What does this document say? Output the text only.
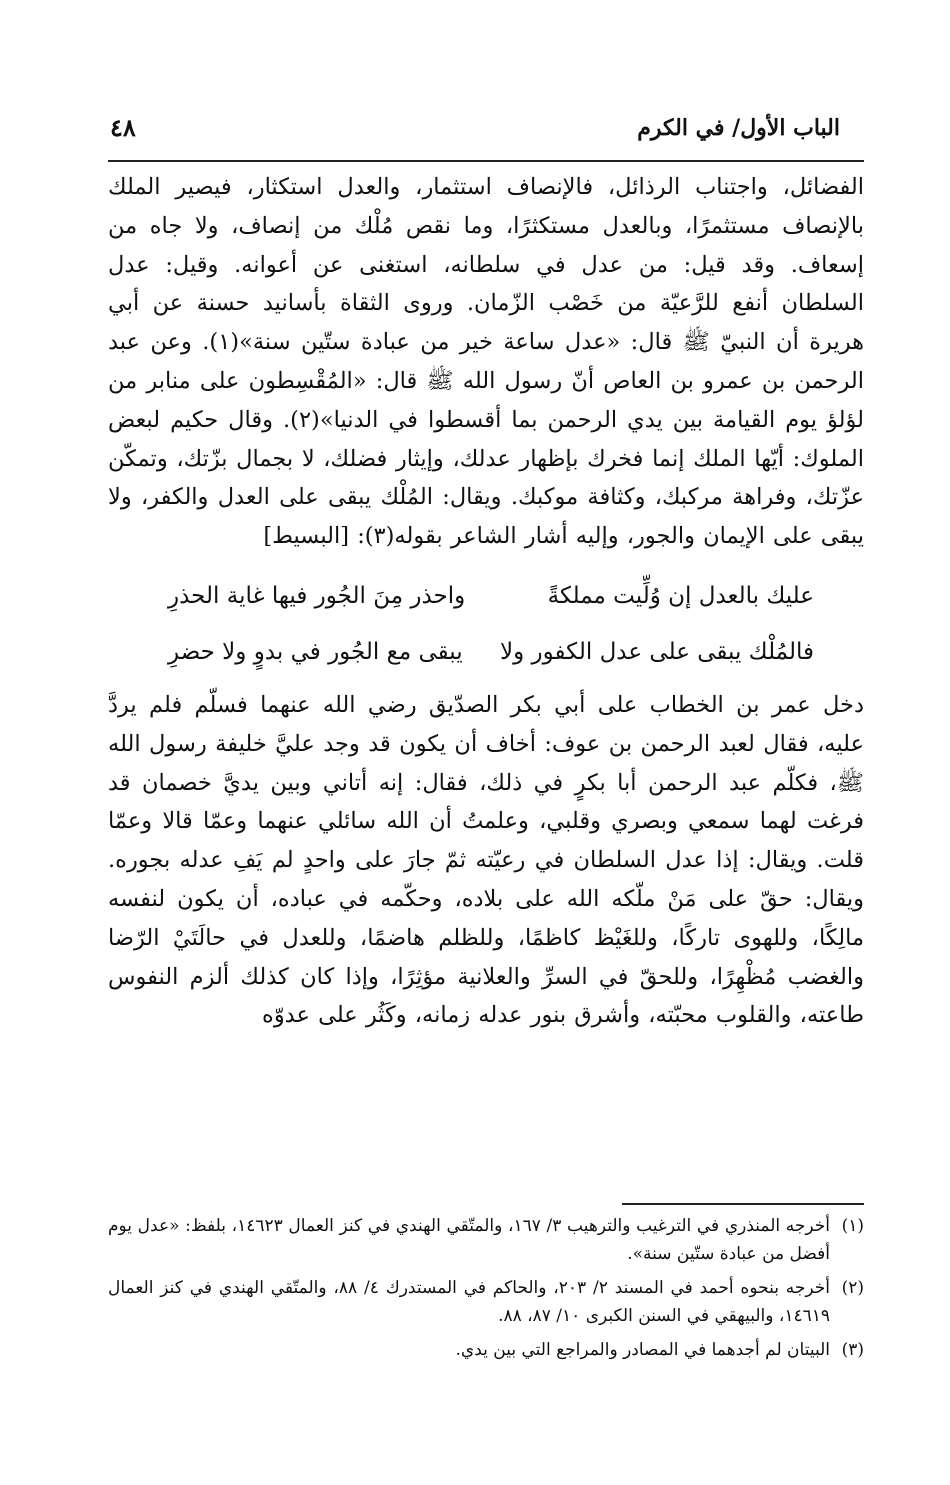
الباب الأول/ في الكرم
٤٨

الفضائل، واجتناب الرذائل، فالإنصاف استثمار، والعدل استكثار، فيصير الملك بالإنصاف مستثمرًا، وبالعدل مستكثرًا، وما نقص مُلْك من إنصاف، ولا جاه من إسعاف. وقد قيل: من عدل في سلطانه، استغنى عن أعوانه. وقيل: عدل السلطان أنفع للرَّعيّة من خَصْب الزّمان. وروى الثقاة بأسانيد حسنة عن أبي هريرة أن النبيّ ﷺ قال: «عدل ساعة خير من عبادة ستّين سنة»(١). وعن عبد الرحمن بن عمرو بن العاص أنّ رسول الله ﷺ قال: «المُقْسِطون على منابر من لؤلؤ يوم القيامة بين يدي الرحمن بما أقسطوا في الدنيا»(٢). وقال حكيم لبعض الملوك: أيّها الملك إنما فخرك بإظهار عدلك، وإيثار فضلك، لا بجمال بزّتك، وتمكّن عزّتك، وفراهة مركبك، وكثافة موكبك. ويقال: المُلْك يبقى على العدل والكفر، ولا يبقى على الإيمان والجور، وإليه أشار الشاعر بقوله(٣): [البسيط]

عليك بالعدل إن وُلِّيت مملكةً
واحذر مِنَ الجُور فيها غاية الحذرِ
فالمُلْك يبقى على عدل الكفور ولا
يبقى مع الجُور في بدوٍ ولا حضرِ

دخل عمر بن الخطاب على أبي بكر الصدّيق رضي الله عنهما فسلّم فلم يردَّ عليه، فقال لعبد الرحمن بن عوف: أخاف أن يكون قد وجد عليَّ خليفة رسول الله ﷺ، فكلّم عبد الرحمن أبا بكرٍ في ذلك، فقال: إنه أتاني وبين يديَّ خصمان قد فرغت لهما سمعي وبصري وقلبي، وعلمتُ أن الله سائلي عنهما وعمّا قالا وعمّا قلت. ويقال: إذا عدل السلطان في رعيّته ثمّ جارَ على واحدٍ لم يَفِ عدله بجوره. ويقال: حقّ على مَنْ ملّكه الله على بلاده، وحكّمه في عباده، أن يكون لنفسه مالِكًا، وللهوى تاركًا، وللغَيْظ كاظمًا، وللظلم هاضمًا، وللعدل في حالَتَيْ الرّضا والغضب مُظْهِرًا، وللحقّ في السرِّ والعلانية مؤثِرًا، وإذا كان كذلك ألزم النفوس طاعته، والقلوب محبّته، وأشرق بنور عدله زمانه، وكَثُر على عدوّه

(١)
أخرجه المنذري في الترغيب والترهيب ٣/ ١٦٧، والمتّقي الهندي في كنز العمال ١٤٦٢٣، بلفظ: «عدل يوم أفضل من عبادة ستّين سنة».
(٢)
أخرجه بنحوه أحمد في المسند ٢/ ٢٠٣، والحاكم في المستدرك ٤/ ٨٨، والمتّقي الهندي في كنز العمال ١٤٦١٩، والبيهقي في السنن الكبرى ١٠/ ٨٧، ٨٨.
(٣)
البيتان لم أجدهما في المصادر والمراجع التي بين يدي.
